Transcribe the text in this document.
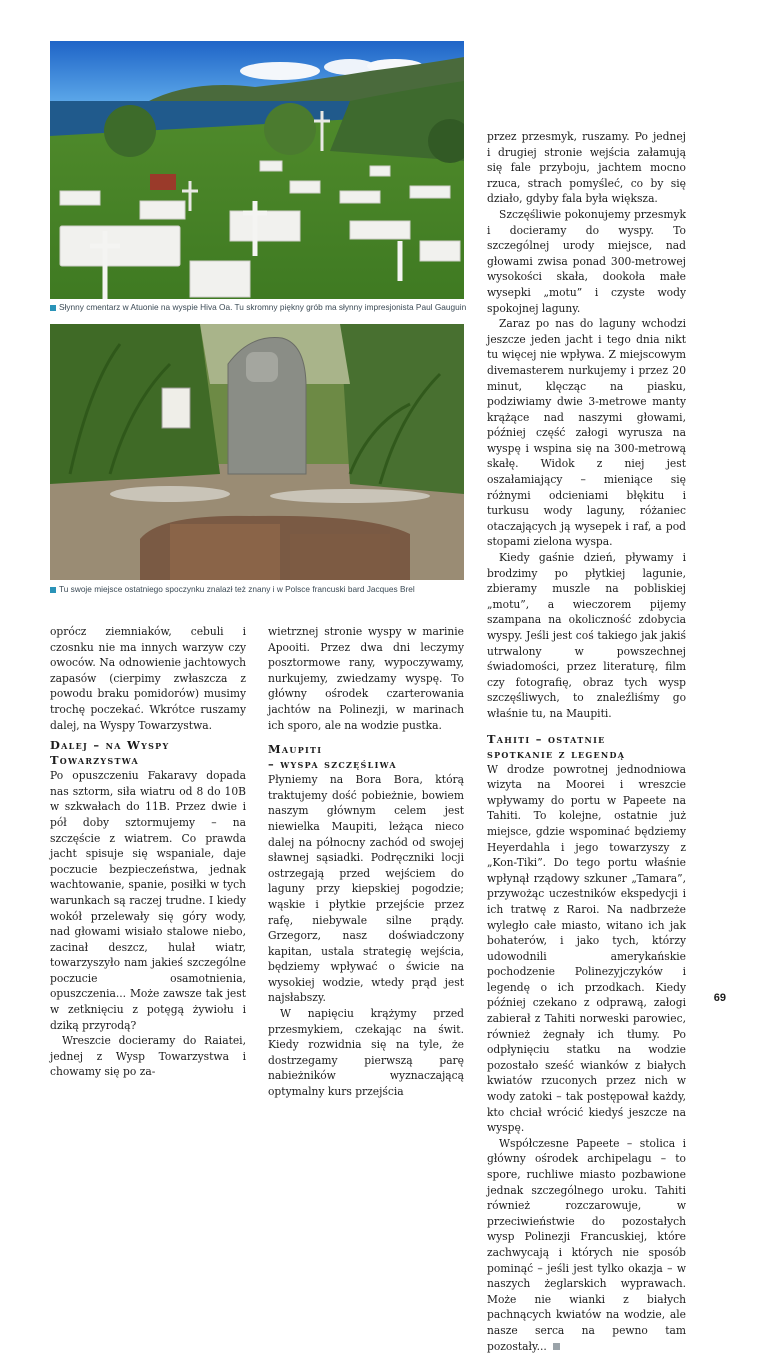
Słynny cmentarz w Atuonie na wyspie Hiva Oa. Tu skromny piękny grób ma słynny impresjonista Paul Gauguin
Tu swoje miejsce ostatniego spoczynku znalazł też znany i w Polsce francuski bard Jacques Brel

oprócz ziemniaków, cebuli i czosnku nie ma innych warzyw czy owoców. Na odnowienie jachtowych zapasów (cierpimy zwłaszcza z powodu braku pomidorów) musimy trochę poczekać. Wkrótce ruszamy dalej, na Wyspy Towarzystwa.

Dalej – na Wyspy Towarzystwa

Po opuszczeniu Fakaravy dopada nas sztorm, siła wiatru od 8 do 10B w szkwałach do 11B. Przez dwie i pół doby sztormujemy – na szczęście z wiatrem. Co prawda jacht spisuje się wspaniale, daje poczucie bezpieczeństwa, jednak wachtowanie, spanie, posiłki w tych warunkach są raczej trudne. I kiedy wokół przelewały się góry wody, nad głowami wisiało stalowe niebo, zacinał deszcz, hulał wiatr, towarzyszyło nam jakieś szczególne poczucie osamotnienia, opuszczenia... Może zawsze tak jest w zetknięciu z potęgą żywiołu i dziką przyrodą?

Wreszcie docieramy do Raiatei, jednej z Wysp Towarzystwa i chowamy się po za-

wietrznej stronie wyspy w marinie Apooiti. Przez dwa dni leczymy posztormowe rany, wypoczywamy, nurkujemy, zwiedzamy wyspę. To główny ośrodek czarterowania jachtów na Polinezji, w marinach ich sporo, ale na wodzie pustka.

Maupiti
– wyspa szczęśliwa

Płyniemy na Bora Bora, którą traktujemy dość pobieżnie, bowiem naszym głównym celem jest niewielka Maupiti, leżąca nieco dalej na północny zachód od swojej sławnej sąsiadki. Podręczniki locji ostrzegają przed wejściem do laguny przy kiepskiej pogodzie; wąskie i płytkie przejście przez rafę, niebywale silne prądy. Grzegorz, nasz doświadczony kapitan, ustala strategię wejścia, będziemy wpływać o świcie na wysokiej wodzie, wtedy prąd jest najsłabszy.

W napięciu krążymy przed przesmykiem, czekając na świt. Kiedy rozwidnia się na tyle, że dostrzegamy pierwszą parę nabieżników wyznaczającą optymalny kurs przejścia

przez przesmyk, ruszamy. Po jednej i drugiej stronie wejścia załamują się fale przyboju, jachtem mocno rzuca, strach pomyśleć, co by się działo, gdyby fala była większa.

Szczęśliwie pokonujemy przesmyk i docieramy do wyspy. To szczególnej urody miejsce, nad głowami zwisa ponad 300-metrowej wysokości skała, dookoła małe wysepki „motu” i czyste wody spokojnej laguny.

Zaraz po nas do laguny wchodzi jeszcze jeden jacht i tego dnia nikt tu więcej nie wpływa. Z miejscowym divemasterem nurkujemy i przez 20 minut, klęcząc na piasku, podziwiamy dwie 3-metrowe manty krążące nad naszymi głowami, później część załogi wyrusza na wyspę i wspina się na 300-metrową skałę. Widok z niej jest oszałamiający – mieniące się różnymi odcieniami błękitu i turkusu wody laguny, różaniec otaczających ją wysepek i raf, a pod stopami zielona wyspa.

Kiedy gaśnie dzień, pływamy i brodzimy po płytkiej lagunie, zbieramy muszle na pobliskiej „motu”, a wieczorem pijemy szampana na okoliczność zdobycia wyspy. Jeśli jest coś takiego jak jakiś utrwalony w powszechnej świadomości, przez literaturę, film czy fotografię, obraz tych wysp szczęśliwych, to znaleźliśmy go właśnie tu, na Maupiti.

Tahiti – ostatnie
spotkanie z legendą

W drodze powrotnej jednodniowa wizyta na Moorei i wreszcie wpływamy do portu w Papeete na Tahiti. To kolejne, ostatnie już miejsce, gdzie wspominać będziemy Heyerdahla i jego towarzyszy z „Kon-Tiki”. Do tego portu właśnie wpłynął rządowy szkuner „Tamara”, przywożąc uczestników ekspedycji i ich tratwę z Raroi. Na nadbrzeże wyległo całe miasto, witano ich jak bohaterów, i jako tych, którzy udowodnili amerykańskie pochodzenie Polinezyjczyków i legendę o ich przodkach. Kiedy później czekano z odprawą, załogi zabierał z Tahiti norweski parowiec, również żegnały ich tłumy. Po odpłynięciu statku na wodzie pozostało sześć wianków z białych kwiatów rzuconych przez nich w wody zatoki – tak postępował każdy, kto chciał wrócić kiedyś jeszcze na wyspę.

Współczesne Papeete – stolica i główny ośrodek archipelagu – to spore, ruchliwe miasto pozbawione jednak szczególnego uroku. Tahiti również rozczarowuje, w przeciwieństwie do pozostałych wysp Polinezji Francuskiej, które zachwycają i których nie sposób pominąć – jeśli jest tylko okazja – w naszych żeglarskich wyprawach. Może nie wianki z białych pachnących kwiatów na wodzie, ale nasze serca na pewno tam pozostały...

69
